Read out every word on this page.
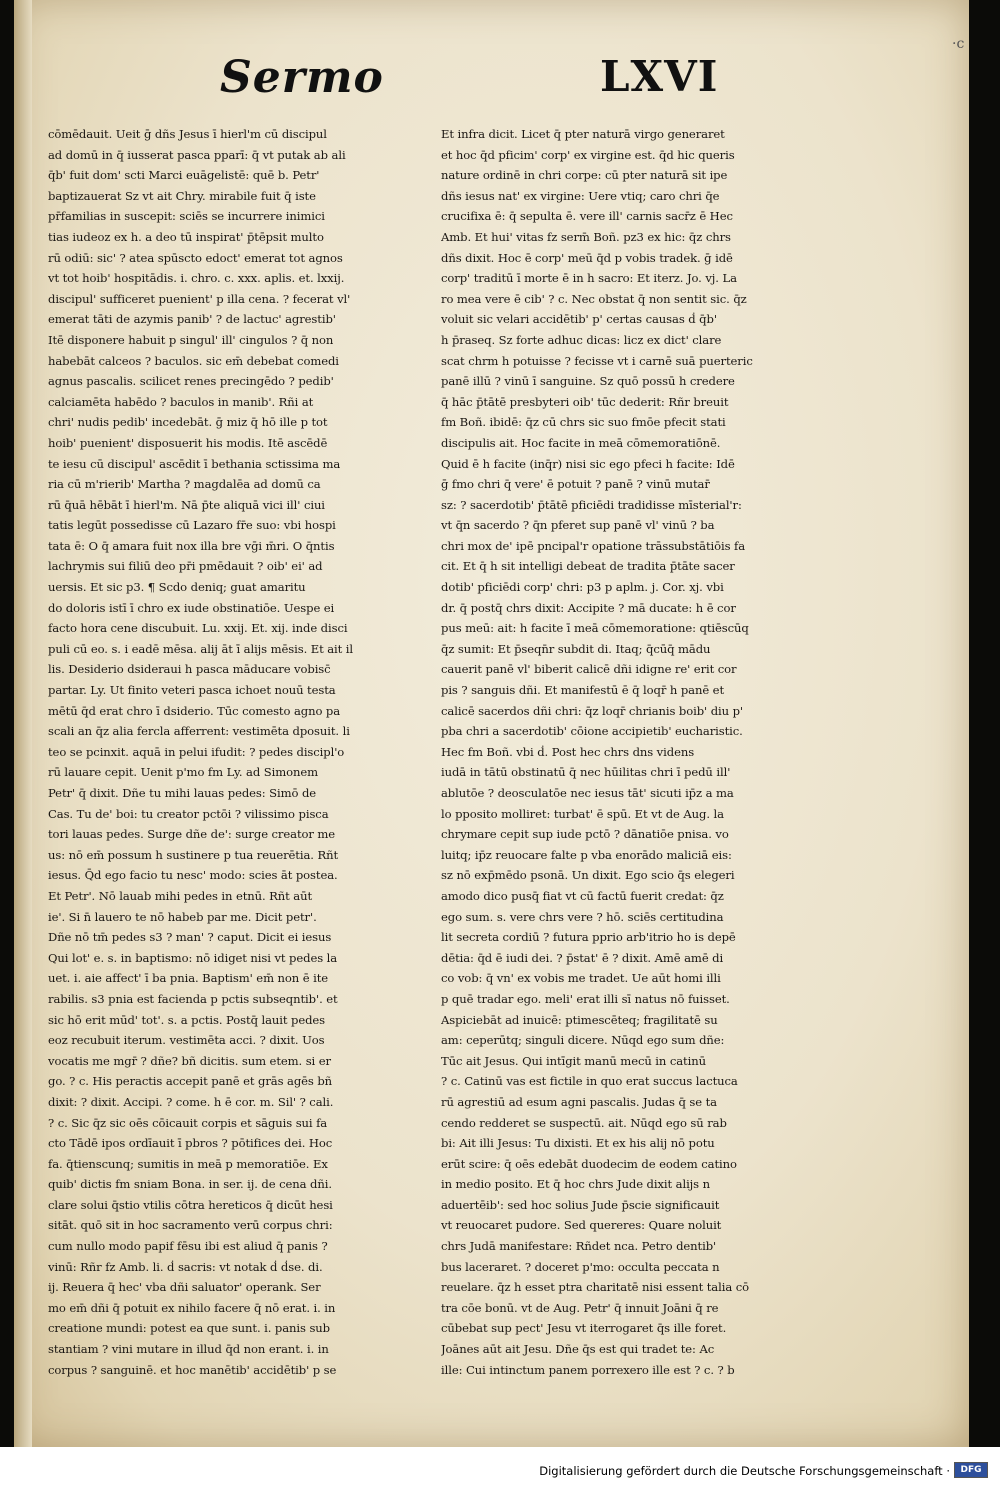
·c
Sermo	LXVI
cōmēdauit. Ueit ḡ dñs Jesus ī hierl'm cū discipul
ad domū in q̄ iusserat pasca pparī: q̄ vt putak ab ali
q̄b' fuit dom' scti Marci euāgelistē: quē b. Petr'
baptizauerat Sz vt ait Chry. mirabile fuit q̄ iste
pr̄familias in suscepit: sciēs se incurrere inimici
tias iudeoz ex h. a deo tū inspirat' p̄tēpsit multo
rū odiū: sic' ? atea spūscto edoct' emerat tot agnos
vt tot hoib' hospitādis. i. chro. c. xxx. aplis. et. lxxij.
discipul' sufficeret puenient' p illa cena. ? fecerat vl'
emerat tāti de azymis panib' ? de lactuc' agrestib'
Itē disponere habuit p singul' ill' cingulos ? q̄ non
habebāt calceos ? baculos. sic em̄ debebat comedi
agnus pascalis. scilicet renes precingēdo ? pedib'
calciamēta habēdo ? baculos in manib'. Rñi at
chri' nudis pedib' incedebāt. ḡ miz q̄ hō ille p tot
hoib' puenient' disposuerit his modis. Itē ascēdē
te iesu cū discipul' ascēdit ī bethania sctissima ma
ria cū m'rierib' Martha ? magdalēa ad domū ca
rū q̄uā hēbāt ī hierl'm. Nā p̄te aliquā vici ill' ciui
tatis legūt possedisse cū Lazaro fr̄e suo: vbi hospi
tata ē: O q̄ amara fuit nox illa bre vḡi m̄ri. O q̄ntis
lachrymis sui filiū deo pr̄i pmēdauit ? oib' ei' ad
uersis. Et sic p3. ¶ Scdo deniq; guat amaritu
do doloris istī ī chro ex iude obstinatiōe. Uespe ei
facto hora cene discubuit. Lu. xxij. Et. xij. inde disci
puli cū eo. s. i eadē mēsa. alij āt ī alijs mēsis. Et ait il
lis. Desiderio dsideraui h pasca māducare vobisc̄
partar. Ly. Ut finito veteri pasca ichoet nouū testa
mētū q̄d erat chro ī dsiderio. Tūc comesto agno pa
scali an q̄z alia fercla afferrent: vestimēta dposuit. li
teo se pcinxit. aquā in pelui ifudit: ? pedes discipl'o
rū lauare cepit. Uenit p'mo fm Ly. ad Simonem
Petr' q̄ dixit. Dñe tu mihi lauas pedes: Simō de
Cas. Tu de' boi: tu creator pctōi ? vilissimo pisca
tori lauas pedes. Surge dñe de': surge creator me
us: nō em̄ possum h sustinere p tua reuerētia. Rñt
iesus. Q̄d ego facio tu nesc' modo: scies āt postea.
Et Petr'. Nō lauab mihi pedes in etnū. Rñt aūt
ie'. Si n̄ lauero te nō habeb par me. Dicit petr'.
Dñe nō tm̄ pedes s3 ? man' ? caput. Dicit ei iesus
Qui lot' e. s. in baptismo: nō idiget nisi vt pedes la
uet. i. aie affect' ī ba pnia. Baptism' em̄ non ē ite
rabilis. s3 pnia est facienda p pctis subseqntib'. et
sic hō erit mūd' tot'. s. a pctis. Postq̄ lauit pedes
eoz recubuit iterum. vestimēta acci. ? dixit. Uos
vocatis me mgr̄ ? dñe? bñ dicitis. sum etem. si er
go. ? c. His peractis accepit panē et grās agēs bñ
dixit: ? dixit. Accipi. ? come. h ē cor. m. Sil' ? cali.
? c. Sic q̄z sic oēs cōicauit corpis et sāguis sui fa
cto Tādē ipos ordīauit ī pbros ? pōtifices dei. Hoc
fa. q̄tienscunq; sumitis in meā p memoratiōe. Ex
quib' dictis fm sniam Bona. in ser. ij. de cena dñi.
clare solui q̄stio vtilis cōtra hereticos q̄ dicūt hesi
sitāt. quō sit in hoc sacramento verū corpus chri:
cum nullo modo papif fēsu ibi est aliud q̄ panis ?
vinū: Rñr fz Amb. li. ḋ sacris: vt notak ḋ ḋse. di.
ij. Reuera q̄ hec' vba dñi saluator' operank. Ser
mo em̄ dñi q̄ potuit ex nihilo facere q̄ nō erat. i. in
creatione mundi: potest ea que sunt. i. panis sub
stantiam ? vini mutare in illud q̄d non erant. i. in
corpus ? sanguinē. et hoc manētib' accidētib' p se
Et infra dicit. Licet q̄ pter naturā virgo generaret
et hoc q̄d pficim' corp' ex virgine est. q̄d hic queris
nature ordinē in chri corpe: cū pter naturā sit ipe
dñs iesus nat' ex virgine: Uere vtiq; caro chri q̄e
crucifixa ē: q̄ sepulta ē. vere ill' carnis sacr̄z ē Hec
Amb. Et hui' vitas fz serm̄ Boñ. pz3 ex hic: q̄z chrs
dñs dixit. Hoc ē corp' meū q̄d p vobis tradek. ḡ idē
corp' traditū ī morte ē in h sacro: Et iterz. Jo. vj. La
ro mea vere ē cib' ? c. Nec obstat q̄ non sentit sic. q̄z
voluit sic velari accidētib' p' certas causas ḋ q̄b'
h p̄raseq. Sz forte adhuc dicas: licz ex dict' clare
scat chrm h potuisse ? fecisse vt i carnē suā puerteric
panē illū ? vinū ī sanguine. Sz quō possū h credere
q̄ hāc p̄tātē presbyteri oib' tūc dederit: Rñr breuit
fm Boñ. ibidē: q̄z cū chrs sic suo fmōe pfecit stati
discipulis ait. Hoc facite in meā cōmemoratiōnē.
Quid ē h facite (inq̄r) nisi sic ego pfeci h facite: Idē
ḡ fmo chri q̄ vere' ē potuit ? panē ? vinū mutar̄
sz: ? sacerdotib' p̄tātē pficiēdi tradidisse mīsterial'r:
vt q̄n sacerdo ? q̄n pferet sup panē vl' vinū ? ba
chri mox de' ipē pncipal'r opatione trāssubstātiōis fa
cit. Et q̄ h sit intelligi debeat de tradita p̄tāte sacer
dotib' pficiēdi corp' chri: p3 p aplm. j. Cor. xj. vbi
dr. q̄ postq̄ chrs dixit: Accipite ? mā ducate: h ē cor
pus meū: ait: h facite ī meā cōmemoratione: qtiēscūq
q̄z sumit: Et p̄seqn̄r subdit di. Itaq; q̄cūq̄ mādu
cauerit panē vl' biberit calicē dñi idigne re' erit cor
pis ? sanguis dñi. Et manifestū ē q̄ loqr̄ h panē et
calicē sacerdos dñi chri: q̄z loqr̄ chrianis boib' diu p'
pba chri a sacerdotib' cōione accipietib' eucharistic.
Hec fm Boñ. vbi ḋ. Post hec chrs dns videns
iudā in tātū obstinatū q̄ nec hūilitas chri ī pedū ill'
ablutōe ? deosculatōe nec iesus tāt' sicuti ip̄z a ma
lo pposito molliret: turbat' ē spū. Et vt de Aug. la
chrymare cepit sup iude pctō ? dānatiōe pnisa. vo
luitq; ip̄z reuocare falte p vba enorādo maliciā eis:
sz nō exp̄mēdo psonā. Un dixit. Ego scio q̄s elegeri
amodo dico pusq̄ fiat vt cū factū fuerit credat: q̄z
ego sum. s. vere chrs vere ? hō. sciēs certitudina
lit secreta cordiū ? futura pprio arb'itrio ho is depē
dētia: q̄d ē iudi dei. ? p̄stat' ē ? dixit. Amē amē di
co vob: q̄ vn' ex vobis me tradet. Ue aūt homi illi
p quē tradar ego. meli' erat illi sī natus nō fuisset.
Aspiciebāt ad inuicē: ptimescēteq; fragilitatē su
am: ceperūtq; singuli dicere. Nūqd ego sum dñe:
Tūc ait Jesus. Qui intīgit manū mecū in catinū
? c. Catinū vas est fictile in quo erat succus lactuca
rū agrestiū ad esum agni pascalis. Judas q̄ se ta
cendo redderet se suspectū. ait. Nūqd ego sū rab
bi: Ait illi Jesus: Tu dixisti. Et ex his alij nō potu
erūt scire: q̄ oēs edebāt duodecim de eodem catino
in medio posito. Et q̄ hoc chrs Jude dixit alijs n
aduertēib': sed hoc solius Jude p̄scie significauit
vt reuocaret pudore. Sed quereres: Quare noluit
chrs Judā manifestare: Rñdet nca. Petro dentib'
bus laceraret. ? doceret p'mo: occulta peccata n
reuelare. q̄z h esset ptra charitatē nisi essent talia cō
tra cōe bonū. vt de Aug. Petr' q̄ innuit Joāni q̄ re
cūbebat sup pect' Jesu vt iterrogaret q̄s ille foret.
Joānes aūt ait Jesu. Dñe q̄s est qui tradet te: Ac
ille: Cui intinctum panem porrexero ille est ? c. ? b
Digitalisierung gefördert durch die Deutsche Forschungsgemeinschaft ·	DFG
